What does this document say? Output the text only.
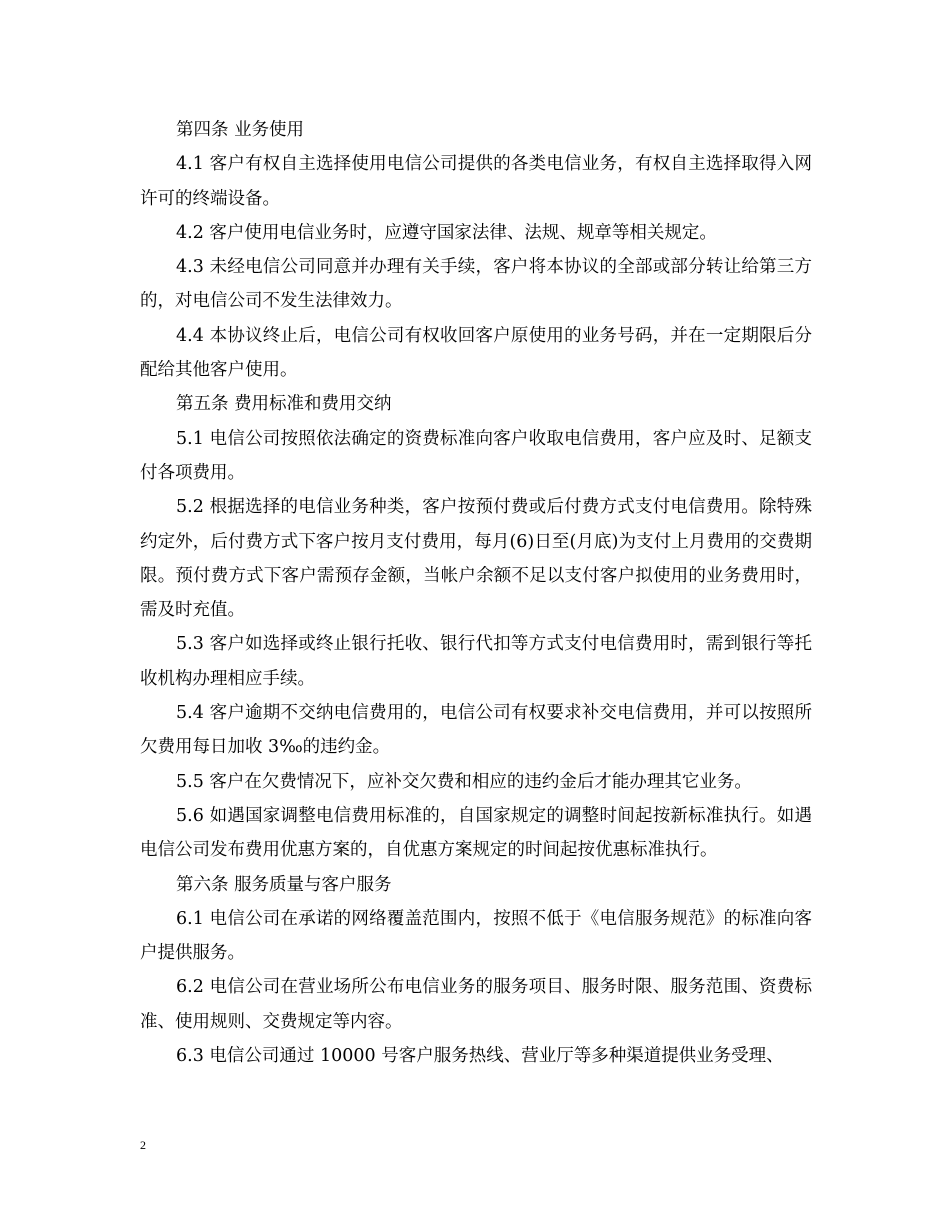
第四条 业务使用

4.1 客户有权自主选择使用电信公司提供的各类电信业务，有权自主选择取得入网许可的终端设备。

4.2 客户使用电信业务时，应遵守国家法律、法规、规章等相关规定。

4.3 未经电信公司同意并办理有关手续，客户将本协议的全部或部分转让给第三方的，对电信公司不发生法律效力。

4.4 本协议终止后，电信公司有权收回客户原使用的业务号码，并在一定期限后分配给其他客户使用。

第五条 费用标准和费用交纳

5.1 电信公司按照依法确定的资费标准向客户收取电信费用，客户应及时、足额支付各项费用。

5.2 根据选择的电信业务种类，客户按预付费或后付费方式支付电信费用。除特殊约定外，后付费方式下客户按月支付费用，每月(6)日至(月底)为支付上月费用的交费期限。预付费方式下客户需预存金额，当帐户余额不足以支付客户拟使用的业务费用时，需及时充值。

5.3 客户如选择或终止银行托收、银行代扣等方式支付电信费用时，需到银行等托收机构办理相应手续。

5.4 客户逾期不交纳电信费用的，电信公司有权要求补交电信费用，并可以按照所欠费用每日加收 3‰的违约金。

5.5 客户在欠费情况下，应补交欠费和相应的违约金后才能办理其它业务。

5.6 如遇国家调整电信费用标准的，自国家规定的调整时间起按新标准执行。如遇电信公司发布费用优惠方案的，自优惠方案规定的时间起按优惠标准执行。

第六条 服务质量与客户服务

6.1 电信公司在承诺的网络覆盖范围内，按照不低于《电信服务规范》的标准向客户提供服务。

6.2 电信公司在营业场所公布电信业务的服务项目、服务时限、服务范围、资费标准、使用规则、交费规定等内容。

6.3 电信公司通过 10000 号客户服务热线、营业厅等多种渠道提供业务受理、

2
